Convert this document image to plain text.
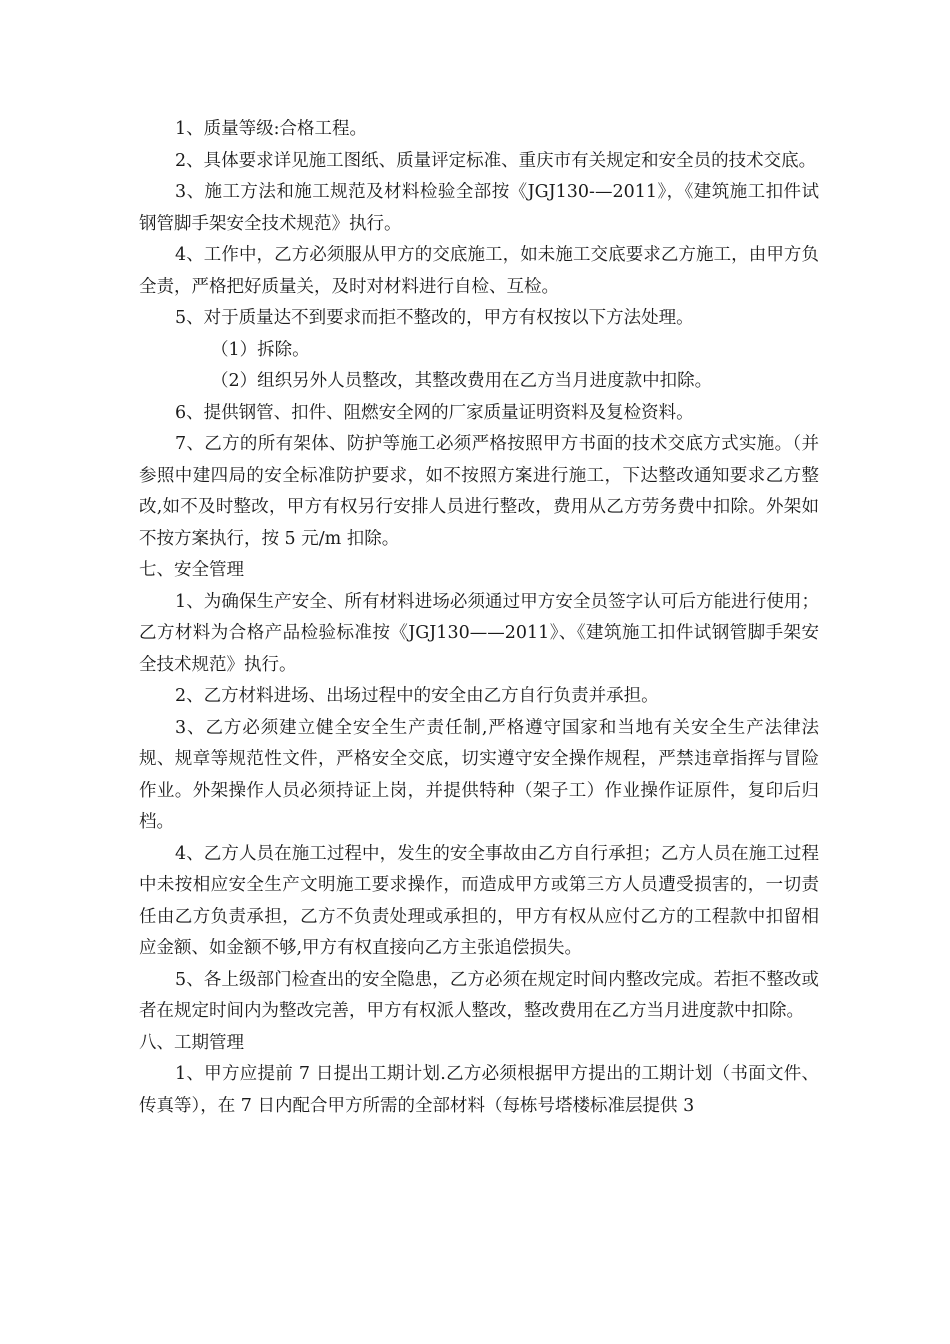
1、质量等级:合格工程。

2、具体要求详见施工图纸、质量评定标准、重庆市有关规定和安全员的技术交底。

3、施工方法和施工规范及材料检验全部按《JGJ130-—2011》，《建筑施工扣件试钢管脚手架安全技术规范》执行。

4、工作中，乙方必须服从甲方的交底施工，如未施工交底要求乙方施工，由甲方负全责，严格把好质量关，及时对材料进行自检、互检。

5、对于质量达不到要求而拒不整改的，甲方有权按以下方法处理。

（1）拆除。

（2）组织另外人员整改，其整改费用在乙方当月进度款中扣除。

6、提供钢管、扣件、阻燃安全网的厂家质量证明资料及复检资料。

7、乙方的所有架体、防护等施工必须严格按照甲方书面的技术交底方式实施。（并参照中建四局的安全标准防护要求，如不按照方案进行施工，下达整改通知要求乙方整改,如不及时整改，甲方有权另行安排人员进行整改，费用从乙方劳务费中扣除。外架如不按方案执行，按 5 元/m 扣除。

七、安全管理

1、为确保生产安全、所有材料进场必须通过甲方安全员签字认可后方能进行使用；乙方材料为合格产品检验标准按《JGJ130——2011》、《建筑施工扣件试钢管脚手架安全技术规范》执行。

2、乙方材料进场、出场过程中的安全由乙方自行负责并承担。

3、乙方必须建立健全安全生产责任制,严格遵守国家和当地有关安全生产法律法规、规章等规范性文件，严格安全交底，切实遵守安全操作规程，严禁违章指挥与冒险作业。外架操作人员必须持证上岗，并提供特种（架子工）作业操作证原件，复印后归档。

4、乙方人员在施工过程中，发生的安全事故由乙方自行承担；乙方人员在施工过程中未按相应安全生产文明施工要求操作，而造成甲方或第三方人员遭受损害的，一切责任由乙方负责承担，乙方不负责处理或承担的，甲方有权从应付乙方的工程款中扣留相应金额、如金额不够,甲方有权直接向乙方主张追偿损失。

5、各上级部门检查出的安全隐患，乙方必须在规定时间内整改完成。若拒不整改或者在规定时间内为整改完善，甲方有权派人整改，整改费用在乙方当月进度款中扣除。

八、工期管理

1、甲方应提前 7 日提出工期计划.乙方必须根据甲方提出的工期计划（书面文件、传真等），在 7 日内配合甲方所需的全部材料（每栋号塔楼标准层提供 3
